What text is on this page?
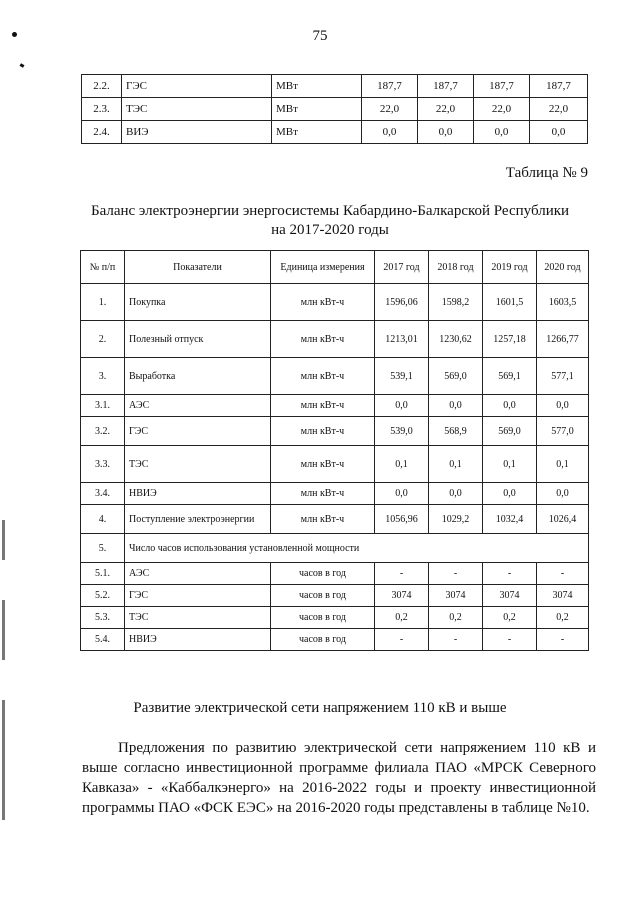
75
2.2.	ГЭС	МВт	187,7	187,7	187,7	187,7
2.3.	ТЭС	МВт	22,0	22,0	22,0	22,0
2.4.	ВИЭ	МВт	0,0	0,0	0,0	0,0
Таблица № 9
Баланс электроэнергии энергосистемы Кабардино-Балкарской Республики
на 2017-2020 годы
№ п/п	Показатели	Единица измерения	2017 год	2018 год	2019 год	2020 год
1.	Покупка	млн кВт-ч	1596,06	1598,2	1601,5	1603,5
2.	Полезный отпуск	млн кВт-ч	1213,01	1230,62	1257,18	1266,77
3.	Выработка	млн кВт-ч	539,1	569,0	569,1	577,1
3.1.	АЭС	млн кВт-ч	0,0	0,0	0,0	0,0
3.2.	ГЭС	млн кВт-ч	539,0	568,9	569,0	577,0
3.3.	ТЭС	млн кВт-ч	0,1	0,1	0,1	0,1
3.4.	НВИЭ	млн кВт-ч	0,0	0,0	0,0	0,0
4.	Поступление электроэнергии	млн кВт-ч	1056,96	1029,2	1032,4	1026,4
5.	Число часов использования установленной мощности					
5.1.	АЭС	часов в год	-	-	-	-
5.2.	ГЭС	часов в год	3074	3074	3074	3074
5.3.	ТЭС	часов в год	0,2	0,2	0,2	0,2
5.4.	НВИЭ	часов в год	-	-	-	-
Развитие электрической сети напряжением 110 кВ и выше
Предложения по развитию электрической сети напряжением 110 кВ и выше согласно инвестиционной программе филиала ПАО «МРСК Северного Кавказа» - «Каббалкэнерго» на 2016-2022 годы и проекту инвестиционной программы ПАО «ФСК ЕЭС» на 2016-2020 годы представлены в таблице №10.
